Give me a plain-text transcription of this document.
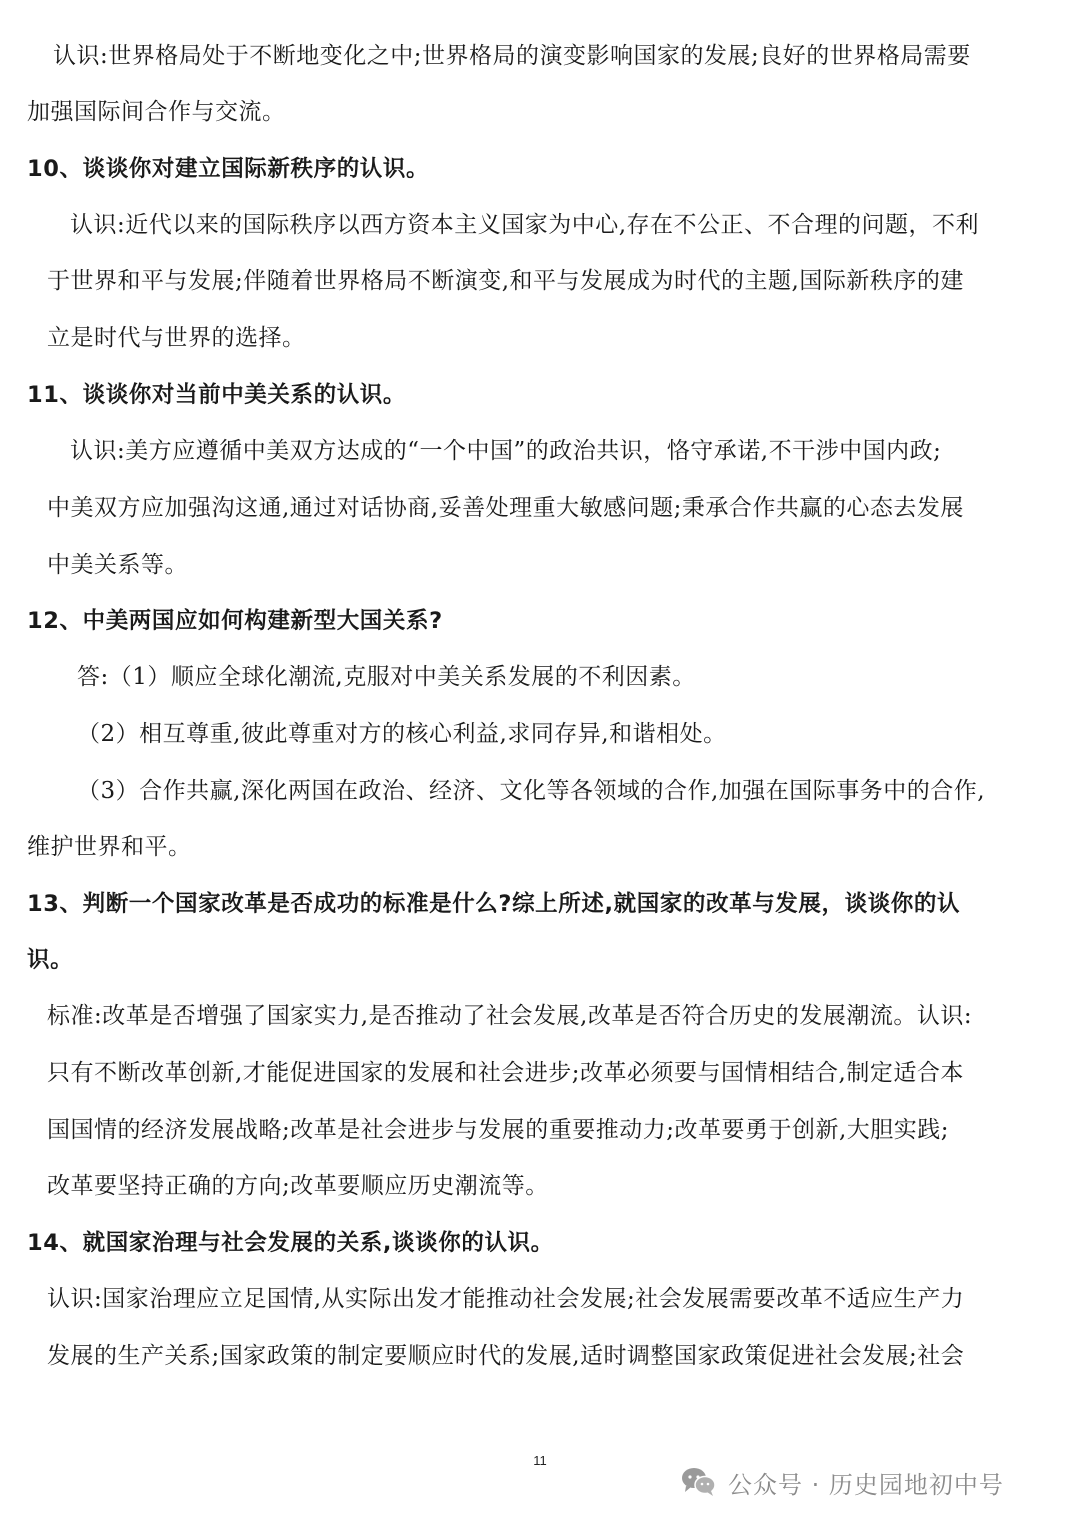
认识:世界格局处于不断地变化之中;世界格局的演变影响国家的发展;良好的世界格局需要
加强国际间合作与交流。
10、谈谈你对建立国际新秩序的认识。
认识:近代以来的国际秩序以西方资本主义国家为中心,存在不公正、不合理的问题，不利
于世界和平与发展;伴随着世界格局不断演变,和平与发展成为时代的主题,国际新秩序的建
立是时代与世界的选择。
11、谈谈你对当前中美关系的认识。
认识:美方应遵循中美双方达成的“一个中国”的政治共识，恪守承诺,不干涉中国内政;
中美双方应加强沟这通,通过对话协商,妥善处理重大敏感问题;秉承合作共赢的心态去发展
中美关系等。
12、中美两国应如何构建新型大国关系?
答:（1）顺应全球化潮流,克服对中美关系发展的不利因素。
（2）相互尊重,彼此尊重对方的核心利益,求同存异,和谐相处。
（3）合作共赢,深化两国在政治、经济、文化等各领域的合作,加强在国际事务中的合作,
维护世界和平。
13、判断一个国家改革是否成功的标准是什么?综上所述,就国家的改革与发展，谈谈你的认
识。
标准:改革是否增强了国家实力,是否推动了社会发展,改革是否符合历史的发展潮流。认识:
只有不断改革创新,才能促进国家的发展和社会进步;改革必须要与国情相结合,制定适合本
国国情的经济发展战略;改革是社会进步与发展的重要推动力;改革要勇于创新,大胆实践;
改革要坚持正确的方向;改革要顺应历史潮流等。
14、就国家治理与社会发展的关系,谈谈你的认识。
认识:国家治理应立足国情,从实际出发才能推动社会发展;社会发展需要改革不适应生产力
发展的生产关系;国家政策的制定要顺应时代的发展,适时调整国家政策促进社会发展;社会
11
公众号 · 历史园地初中号
